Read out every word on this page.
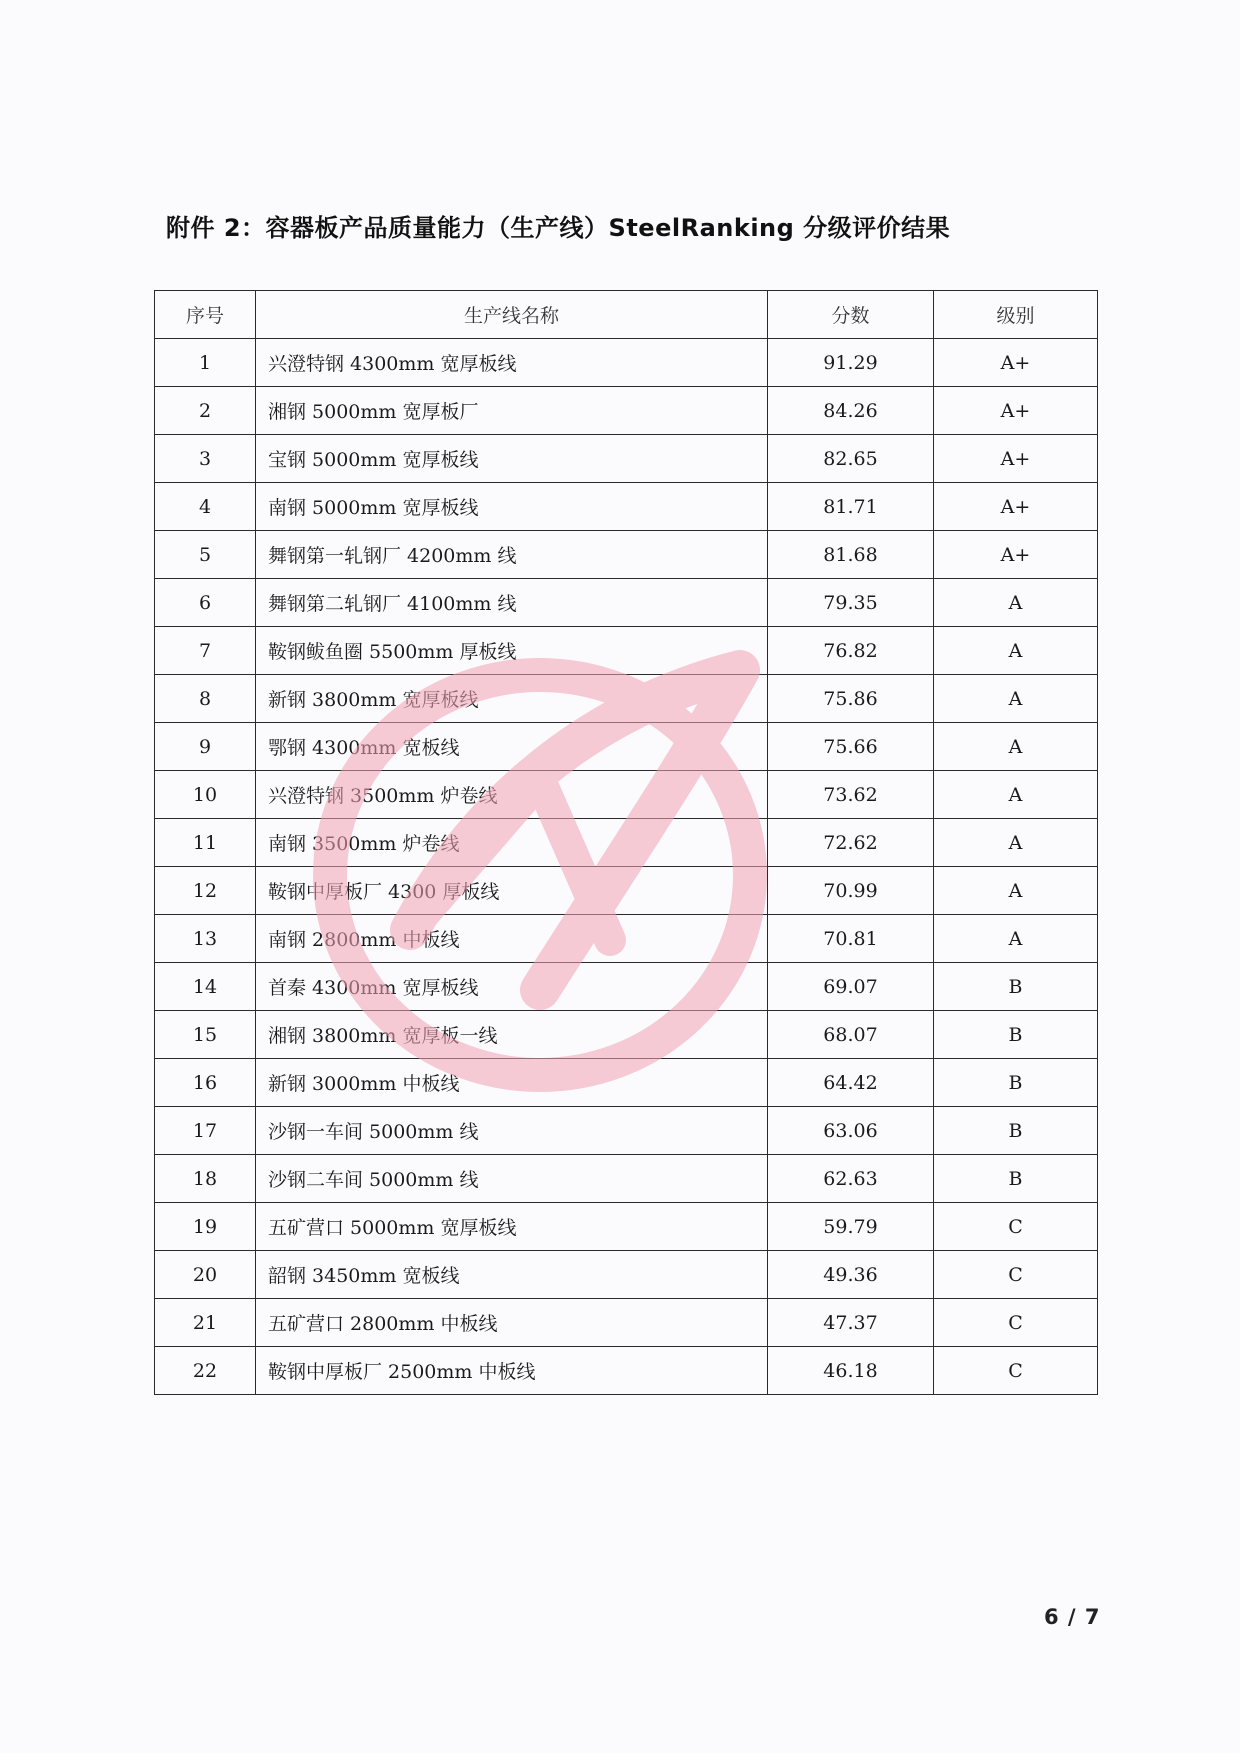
附件 2：容器板产品质量能力（生产线）SteelRanking 分级评价结果
序号	生产线名称	分数	级别
1	兴澄特钢 4300mm 宽厚板线	91.29	A+
2	湘钢 5000mm 宽厚板厂	84.26	A+
3	宝钢 5000mm 宽厚板线	82.65	A+
4	南钢 5000mm 宽厚板线	81.71	A+
5	舞钢第一轧钢厂 4200mm 线	81.68	A+
6	舞钢第二轧钢厂 4100mm 线	79.35	A
7	鞍钢鲅鱼圈 5500mm 厚板线	76.82	A
8	新钢 3800mm 宽厚板线	75.86	A
9	鄂钢 4300mm 宽板线	75.66	A
10	兴澄特钢 3500mm 炉卷线	73.62	A
11	南钢 3500mm 炉卷线	72.62	A
12	鞍钢中厚板厂 4300 厚板线	70.99	A
13	南钢 2800mm 中板线	70.81	A
14	首秦 4300mm 宽厚板线	69.07	B
15	湘钢 3800mm 宽厚板一线	68.07	B
16	新钢 3000mm 中板线	64.42	B
17	沙钢一车间 5000mm 线	63.06	B
18	沙钢二车间 5000mm 线	62.63	B
19	五矿营口 5000mm 宽厚板线	59.79	C
20	韶钢 3450mm 宽板线	49.36	C
21	五矿营口 2800mm 中板线	47.37	C
22	鞍钢中厚板厂 2500mm 中板线	46.18	C
6 / 7
